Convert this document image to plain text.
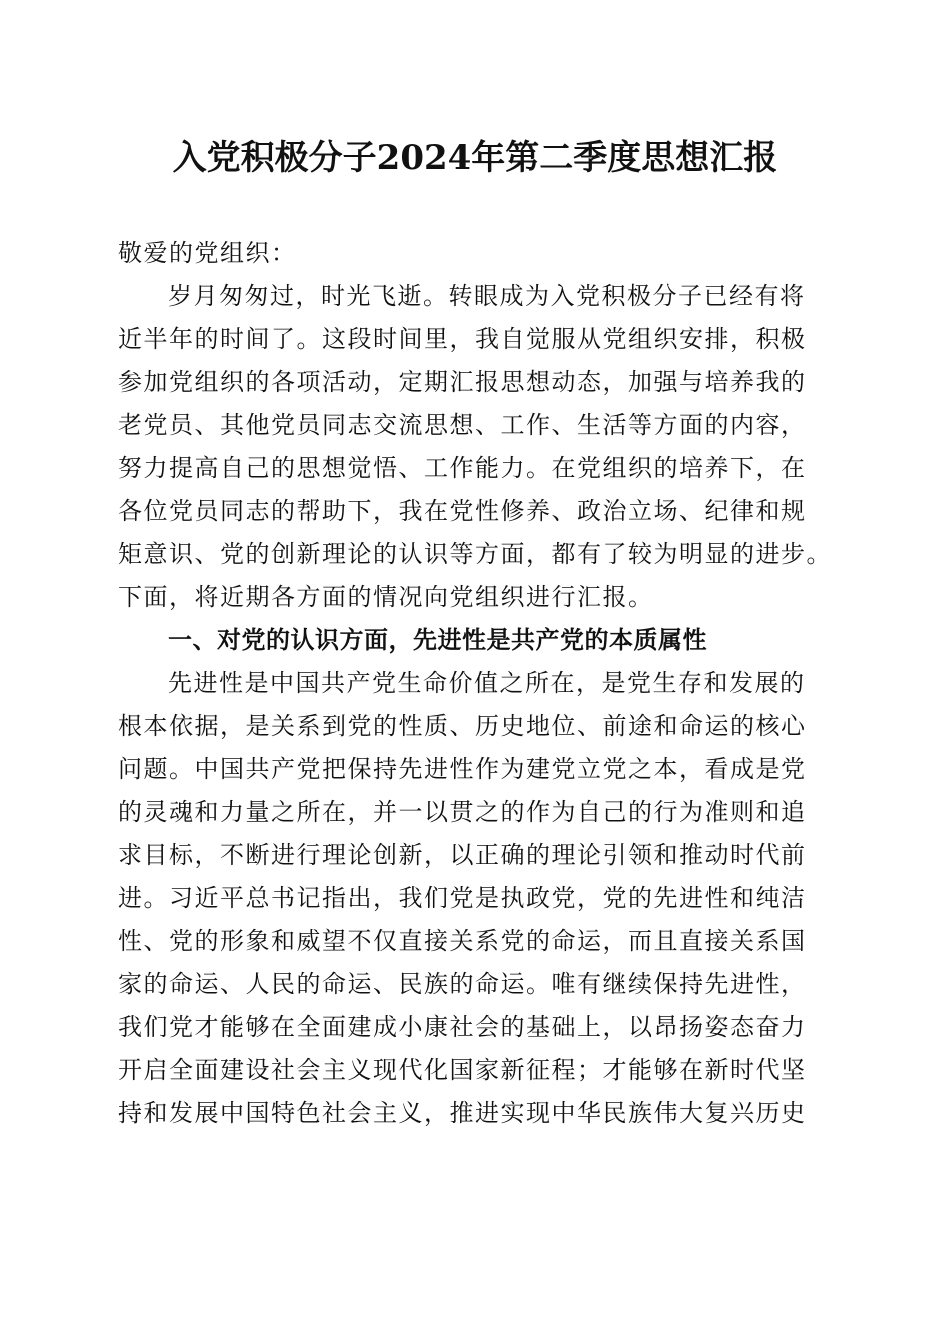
入党积极分子2024年第二季度思想汇报
敬爱的党组织：
岁月匆匆过，时光飞逝。转眼成为入党积极分子已经有将
近半年的时间了。这段时间里，我自觉服从党组织安排，积极
参加党组织的各项活动，定期汇报思想动态，加强与培养我的
老党员、其他党员同志交流思想、工作、生活等方面的内容，
努力提高自己的思想觉悟、工作能力。在党组织的培养下，在
各位党员同志的帮助下，我在党性修养、政治立场、纪律和规
矩意识、党的创新理论的认识等方面，都有了较为明显的进步。
下面，将近期各方面的情况向党组织进行汇报。
一、对党的认识方面，先进性是共产党的本质属性
先进性是中国共产党生命价值之所在，是党生存和发展的
根本依据，是关系到党的性质、历史地位、前途和命运的核心
问题。中国共产党把保持先进性作为建党立党之本，看成是党
的灵魂和力量之所在，并一以贯之的作为自己的行为准则和追
求目标，不断进行理论创新，以正确的理论引领和推动时代前
进。习近平总书记指出，我们党是执政党，党的先进性和纯洁
性、党的形象和威望不仅直接关系党的命运，而且直接关系国
家的命运、人民的命运、民族的命运。唯有继续保持先进性，
我们党才能够在全面建成小康社会的基础上，以昂扬姿态奋力
开启全面建设社会主义现代化国家新征程；才能够在新时代坚
持和发展中国特色社会主义，推进实现中华民族伟大复兴历史
